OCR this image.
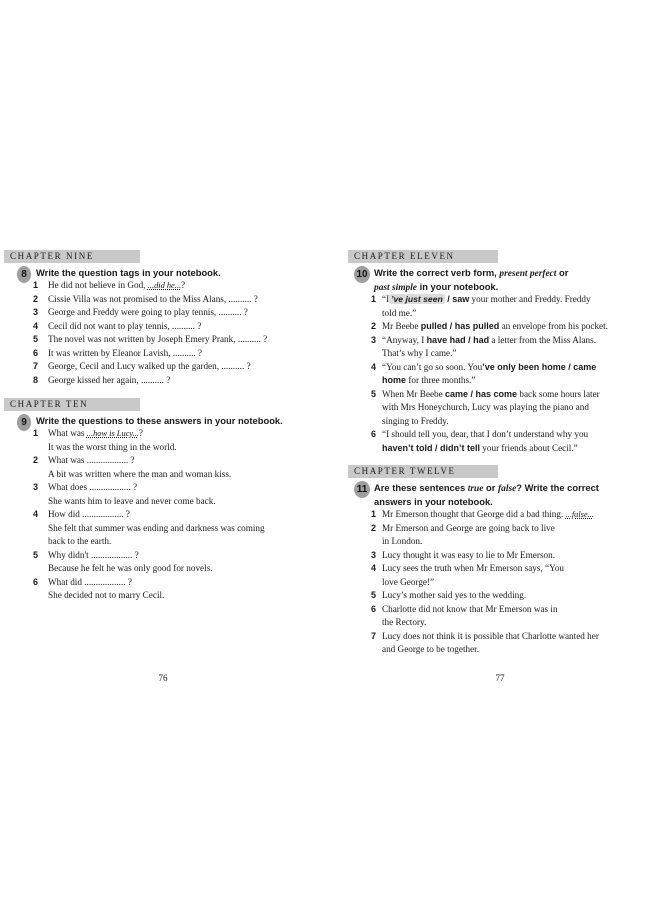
CHAPTER NINE
8 Write the question tags in your notebook.
1 He did not believe in God, ...did he...?
2 Cissie Villa was not promised to the Miss Alans, .......... ?
3 George and Freddy were going to play tennis, .......... ?
4 Cecil did not want to play tennis, .......... ?
5 The novel was not written by Joseph Emery Prank, .......... ?
6 It was written by Eleanor Lavish, .......... ?
7 George, Cecil and Lucy walked up the garden, .......... ?
8 George kissed her again, .......... ?
CHAPTER TEN
9 Write the questions to these answers in your notebook.
1 What was ...how is Lucy...?
It was the worst thing in the world.
2 What was .................. ?
A bit was written where the man and woman kiss.
3 What does .................. ?
She wants him to leave and never come back.
4 How did .................. ?
She felt that summer was ending and darkness was coming
back to the earth.
5 Why didn't .................. ?
Because he felt he was only good for novels.
6 What did .................. ?
She decided not to marry Cecil.
76
CHAPTER ELEVEN
10 Write the correct verb form, present perfect or
past simple in your notebook.
1 “I ’ve just seen / saw your mother and Freddy. Freddy
told me.”
2 Mr Beebe pulled / has pulled an envelope from his pocket.
3 “Anyway, I have had / had a letter from the Miss Alans.
That’s why I came.”
4 “You can’t go so soon. You’ve only been home / came
home for three months.”
5 When Mr Beebe came / has come back some hours later
with Mrs Honeychurch, Lucy was playing the piano and
singing to Freddy.
6 “I should tell you, dear, that I don’t understand why you
haven’t told / didn’t tell your friends about Cecil.”
CHAPTER TWELVE
11 Are these sentences true or false? Write the correct
answers in your notebook.
1 Mr Emerson thought that George did a bad thing. ...false...
2 Mr Emerson and George are going back to live
in London.
3 Lucy thought it was easy to lie to Mr Emerson.
4 Lucy sees the truth when Mr Emerson says, “You
love George!”
5 Lucy’s mother said yes to the wedding.
6 Charlotte did not know that Mr Emerson was in
the Rectory.
7 Lucy does not think it is possible that Charlotte wanted her
and George to be together.
77
